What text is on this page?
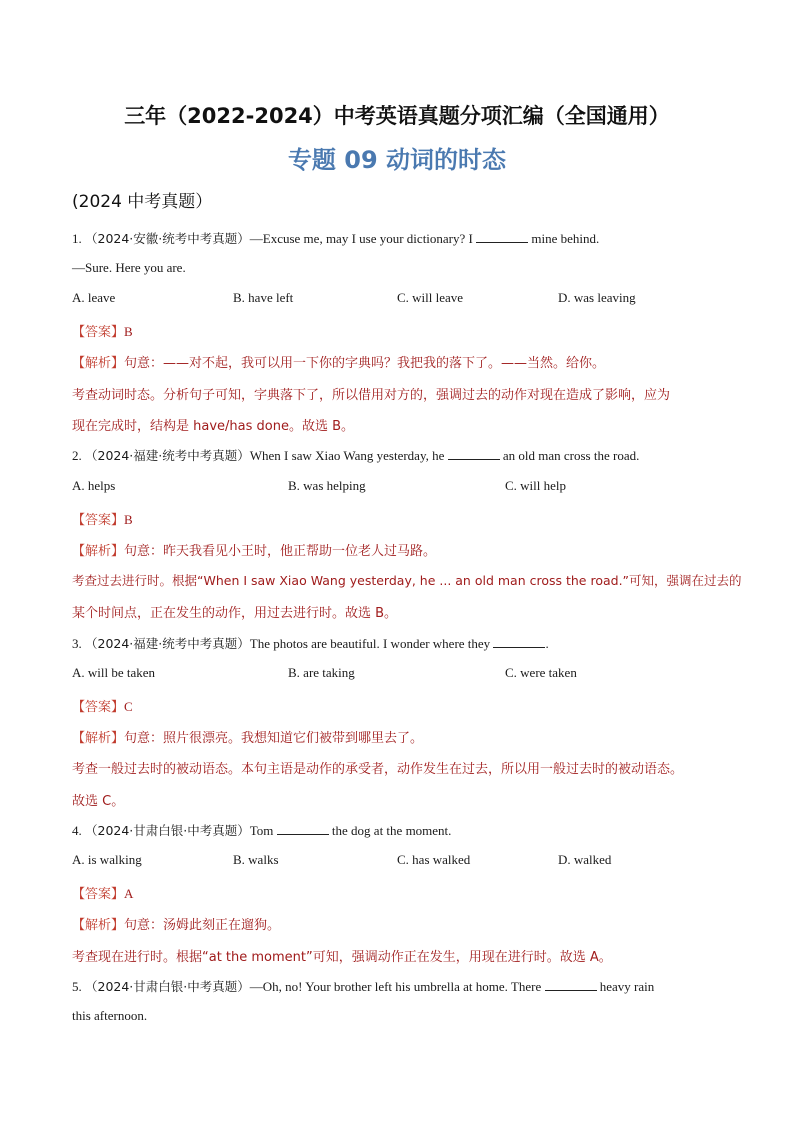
三年（2022-2024）中考英语真题分项汇编（全国通用）
专题 09 动词的时态
(2024 中考真题）
1. （2024·安徽·统考中考真题）—Excuse me, may I use your dictionary? I	mine behind.
—Sure. Here you are.
A. leave	B. have left	C. will leave	D. was leaving
【答案】B
【解析】句意：——对不起，我可以用一下你的字典吗？我把我的落下了。——当然。给你。
考查动词时态。分析句子可知，字典落下了，所以借用对方的，强调过去的动作对现在造成了影响，应为
现在完成时，结构是 have/has done。故选 B。
2. （2024·福建·统考中考真题）When I saw Xiao Wang yesterday, he	an old man cross the road.
A. helps	B. was helping	C. will help
【答案】B
【解析】句意：昨天我看见小王时，他正帮助一位老人过马路。
考查过去进行时。根据“When I saw Xiao Wang yesterday, he ... an old man cross the road.”可知，强调在过去的
某个时间点，正在发生的动作，用过去进行时。故选 B。
3. （2024·福建·统考中考真题）The photos are beautiful. I wonder where they	.
A. will be taken	B. are taking	C. were taken
【答案】C
【解析】句意：照片很漂亮。我想知道它们被带到哪里去了。
考查一般过去时的被动语态。本句主语是动作的承受者，动作发生在过去，所以用一般过去时的被动语态。
故选 C。
4. （2024·甘肃白银·中考真题）Tom	the dog at the moment.
A. is walking	B. walks	C. has walked	D. walked
【答案】A
【解析】句意：汤姆此刻正在遛狗。
考查现在进行时。根据“at the moment”可知，强调动作正在发生，用现在进行时。故选 A。
5. （2024·甘肃白银·中考真题）—Oh, no! Your brother left his umbrella at home. There	heavy rain
this afternoon.
